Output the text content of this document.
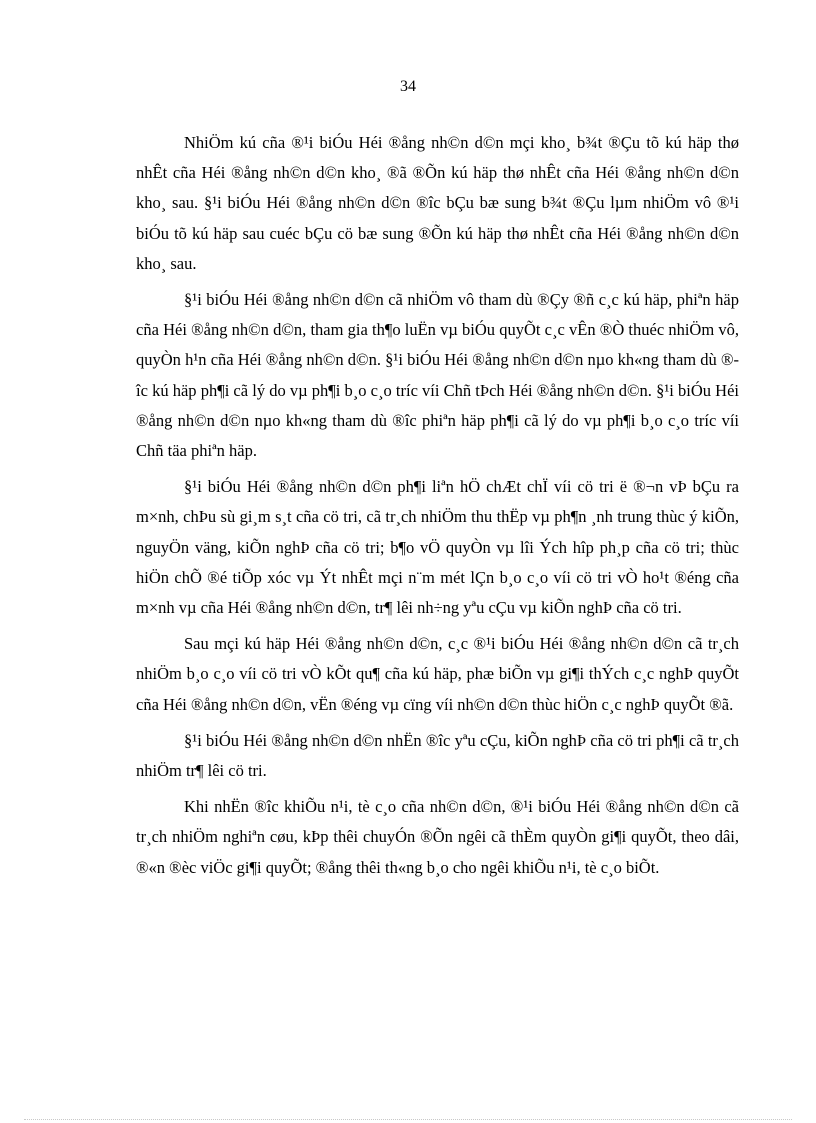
34

NhiÖm kú cña ®¹i biÓu Héi ®ång nh©n d©n mçi kho¸ b¾t ®Çu tõ kú häp thø nhÊt cña Héi ®ång nh©n d©n kho¸ ®ã ®Õn kú häp thø nhÊt cña Héi ®ång nh©n d©n kho¸ sau. §¹i biÓu Héi ®ång nh©n d©n ®îc bÇu bæ sung b¾t ®Çu lµm nhiÖm vô ®¹i biÓu tõ kú häp sau cuéc bÇu cö bæ sung ®Õn kú häp thø nhÊt cña Héi ®ång nh©n d©n kho¸ sau.

§¹i biÓu Héi ®ång nh©n d©n cã nhiÖm vô tham dù ®Çy ®ñ c¸c kú häp, phiªn häp cña Héi ®ång nh©n d©n, tham gia th¶o luËn vµ biÓu quyÕt c¸c vÊn ®Ò thuéc nhiÖm vô, quyÒn h¹n cña Héi ®ång nh©n d©n. §¹i biÓu Héi ®ång nh©n d©n nµo kh«ng tham dù ®îc kú häp ph¶i cã lý do vµ ph¶i b¸o c¸o tríc víi Chñ tÞch Héi ®ång nh©n d©n. §¹i biÓu Héi ®ång nh©n d©n nµo kh«ng tham dù ®îc phiªn häp ph¶i cã lý do vµ ph¶i b¸o c¸o tríc víi Chñ täa phiªn häp.

§¹i biÓu Héi ®ång nh©n d©n ph¶i liªn hÖ chÆt chÏ víi cö tri ë ®¬n vÞ bÇu ra m×nh, chÞu sù gi¸m s¸t cña cö tri, cã tr¸ch nhiÖm thu thËp vµ ph¶n ¸nh trung thùc ý kiÕn, nguyÖn väng, kiÕn nghÞ cña cö tri; b¶o vÖ quyÒn vµ lîi Ých hîp ph¸p cña cö tri; thùc hiÖn chÕ ®é tiÕp xóc vµ Ýt nhÊt mçi n¨m mét lÇn b¸o c¸o víi cö tri vÒ ho¹t ®éng cña m×nh vµ cña Héi ®ång nh©n d©n, tr¶ lêi nh÷ng yªu cÇu vµ kiÕn nghÞ cña cö tri.

Sau mçi kú häp Héi ®ång nh©n d©n, c¸c ®¹i biÓu Héi ®ång nh©n d©n cã tr¸ch nhiÖm b¸o c¸o víi cö tri vÒ kÕt qu¶ cña kú häp, phæ biÕn vµ gi¶i thÝch c¸c nghÞ quyÕt cña Héi ®ång nh©n d©n, vËn ®éng vµ cïng víi nh©n d©n thùc hiÖn c¸c nghÞ quyÕt ®ã.

§¹i biÓu Héi ®ång nh©n d©n nhËn ®îc yªu cÇu, kiÕn nghÞ cña cö tri ph¶i cã tr¸ch nhiÖm tr¶ lêi cö tri.

Khi nhËn ®îc khiÕu n¹i, tè c¸o cña nh©n d©n, ®¹i biÓu Héi ®ång nh©n d©n cã tr¸ch nhiÖm nghiªn cøu, kÞp thêi chuyÓn ®Õn ngêi cã thÈm quyÒn gi¶i quyÕt, theo dâi, ®«n ®èc viÖc gi¶i quyÕt; ®ång thêi th«ng b¸o cho ngêi khiÕu n¹i, tè c¸o biÕt.
